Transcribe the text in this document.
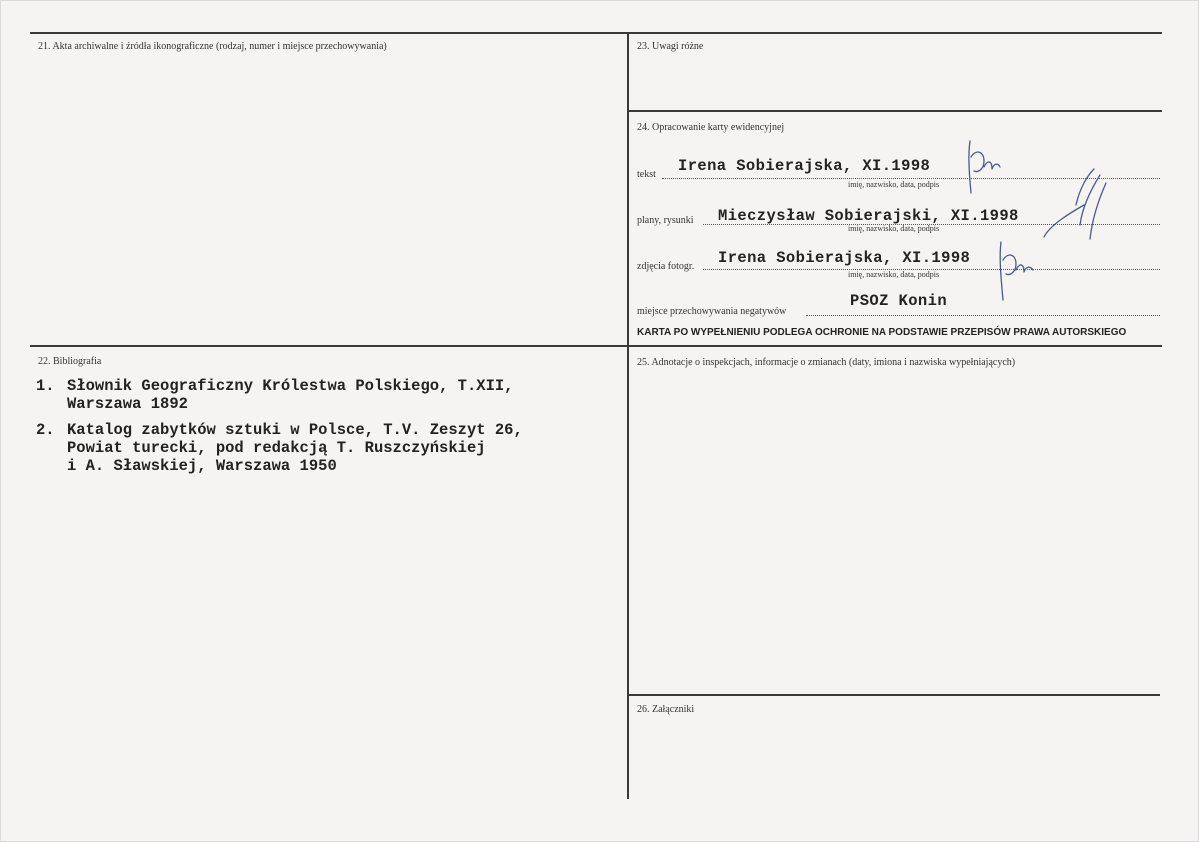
21. Akta archiwalne i źródła ikonograficzne (rodzaj, numer i miejsce przechowywania)	23. Uwagi różne
24. Opracowanie karty ewidencyjnej
22. Bibliografia	25. Adnotacje o inspekcjach, informacje o zmianach (daty, imiona i nazwiska wypełniających)
26. Załączniki
tekst Irena Sobierajska, XI.1998
imię, nazwisko, data, podpis
plany, rysunki Mieczysław Sobierajski, XI.1998
imię, nazwisko, data, podpis
zdjęcia fotogr. Irena Sobierajska, XI.1998
imię, nazwisko, data, podpis
miejsce przechowywania negatywów
PSOZ Konin
KARTA PO WYPEŁNIENIU PODLEGA OCHRONIE NA PODSTAWIE PRZEPISÓW PRAWA AUTORSKIEGO
1. Słownik Geograficzny Królestwa Polskiego, T.XII,
Warszawa 1892
2. Katalog zabytków sztuki w Polsce, T.V. Zeszyt 26,
Powiat turecki, pod redakcją T. Ruszczyńskiej
i A. Sławskiej, Warszawa 1950
